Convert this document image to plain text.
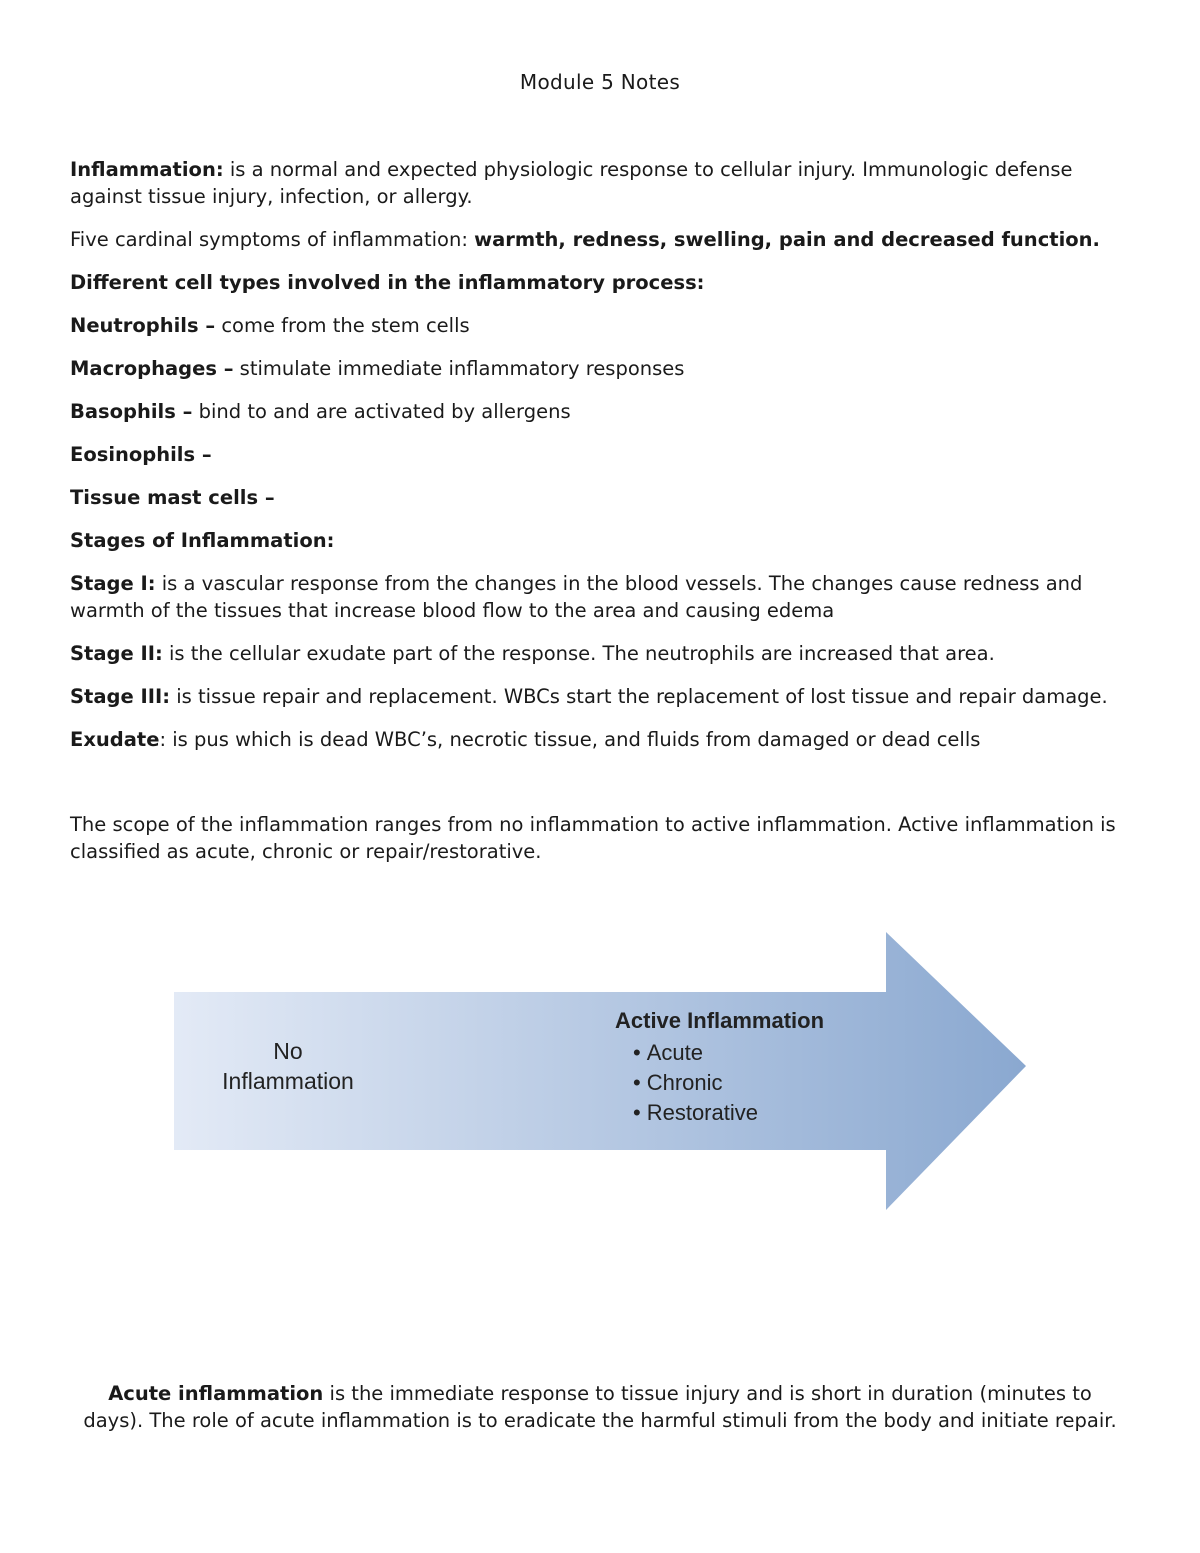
Module 5 Notes

Inflammation: is a normal and expected physiologic response to cellular injury. Immunologic defense against tissue injury, infection, or allergy.

Five cardinal symptoms of inflammation: warmth, redness, swelling, pain and decreased function.

Different cell types involved in the inflammatory process:

Neutrophils – come from the stem cells

Macrophages – stimulate immediate inflammatory responses

Basophils – bind to and are activated by allergens

Eosinophils –

Tissue mast cells –

Stages of Inflammation:

Stage I: is a vascular response from the changes in the blood vessels. The changes cause redness and warmth of the tissues that increase blood flow to the area and causing edema

Stage II: is the cellular exudate part of the response. The neutrophils are increased that area.

Stage III: is tissue repair and replacement. WBCs start the replacement of lost tissue and repair damage.

Exudate: is pus which is dead WBC’s, necrotic tissue, and fluids from damaged or dead cells

The scope of the inflammation ranges from no inflammation to active inflammation. Active inflammation is classified as acute, chronic or repair/restorative.

No
Inflammation
Active Inflammation
• Acute
• Chronic
• Restorative
Acute inflammation is the immediate response to tissue injury and is short in duration (minutes to days). The role of acute inflammation is to eradicate the harmful stimuli from the body and initiate repair.
